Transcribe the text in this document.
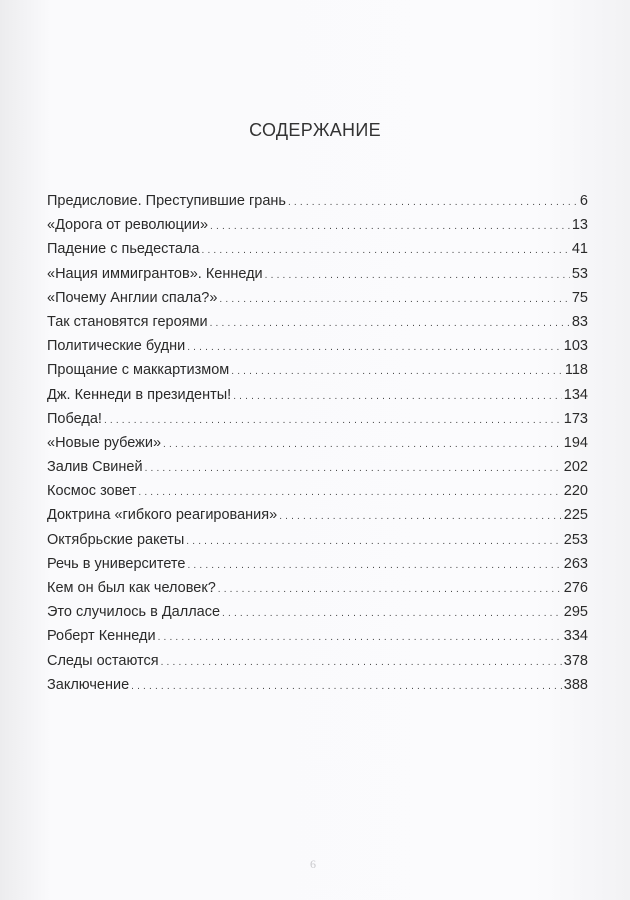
СОДЕРЖАНИЕ
Предисловие. Преступившие грань . . .	6
«Дорога от революции» . . .	13
Падение с пьедестала . . .	41
«Нация иммигрантов». Кеннеди . . .	53
«Почему Англии спала?» . . .	75
Так становятся героями . . .	83
Политические будни . . .	103
Прощание с маккартизмом . . .	118
Дж. Кеннеди в президенты! . . .	134
Победа! . . .	173
«Новые рубежи» . . .	194
Залив Свиней . . .	202
Космос зовет . . .	220
Доктрина «гибкого реагирования» . . .	225
Октябрьские ракеты . . .	253
Речь в университете . . .	263
Кем он был как человек? . . .	276
Это случилось в Далласе . . .	295
Роберт Кеннеди . . .	334
Следы остаются . . .	378
Заключение . . .	388
6
